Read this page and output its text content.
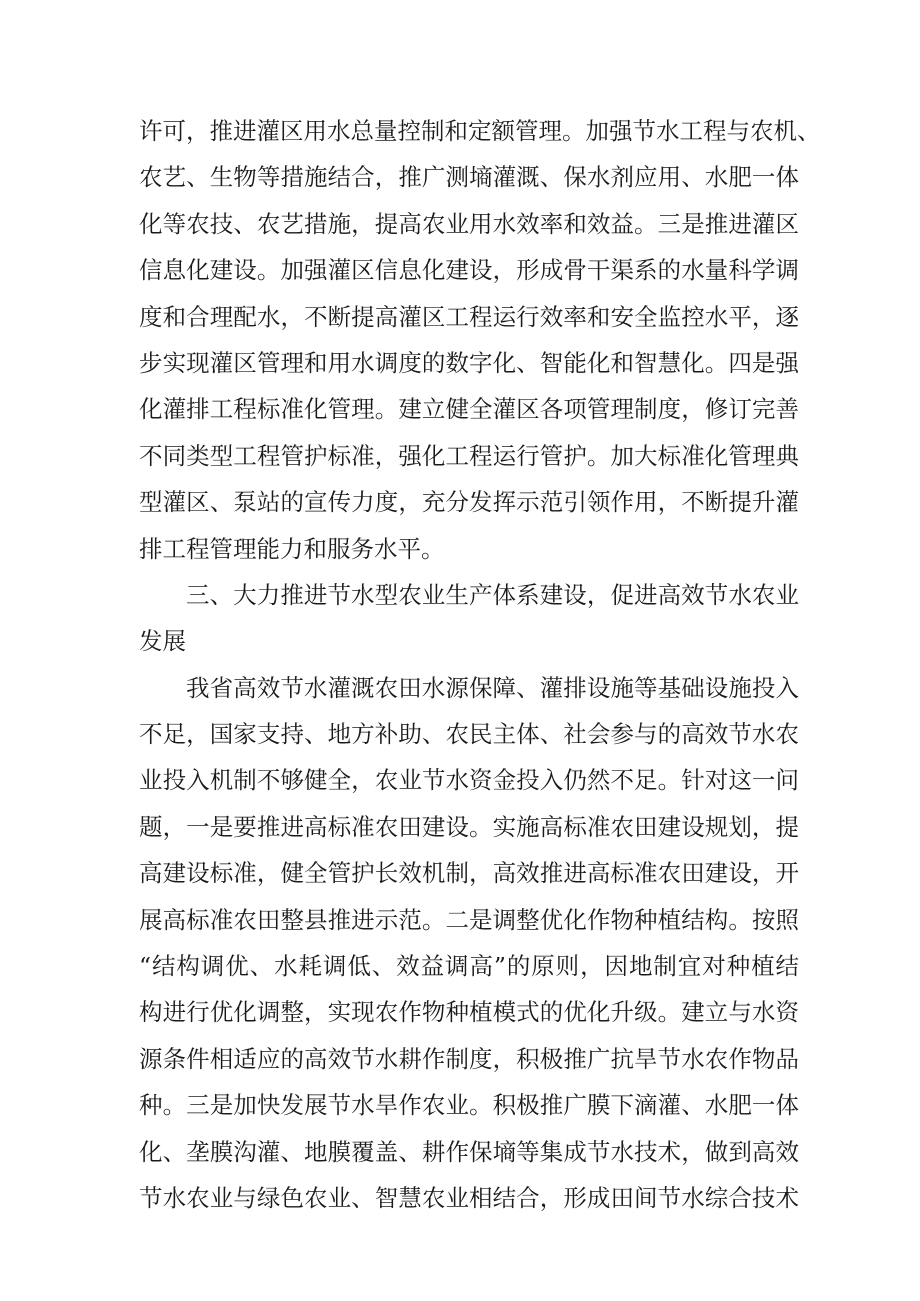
许可，推进灌区用水总量控制和定额管理。加强节水工程与农机、
农艺、生物等措施结合，推广测墒灌溉、保水剂应用、水肥一体
化等农技、农艺措施，提高农业用水效率和效益。三是推进灌区
信息化建设。加强灌区信息化建设，形成骨干渠系的水量科学调
度和合理配水，不断提高灌区工程运行效率和安全监控水平，逐
步实现灌区管理和用水调度的数字化、智能化和智慧化。四是强
化灌排工程标准化管理。建立健全灌区各项管理制度，修订完善
不同类型工程管护标准，强化工程运行管护。加大标准化管理典
型灌区、泵站的宣传力度，充分发挥示范引领作用，不断提升灌
排工程管理能力和服务水平。
三、大力推进节水型农业生产体系建设，促进高效节水农业
发展
我省高效节水灌溉农田水源保障、灌排设施等基础设施投入
不足，国家支持、地方补助、农民主体、社会参与的高效节水农
业投入机制不够健全，农业节水资金投入仍然不足。针对这一问
题，一是要推进高标准农田建设。实施高标准农田建设规划，提
高建设标准，健全管护长效机制，高效推进高标准农田建设，开
展高标准农田整县推进示范。二是调整优化作物种植结构。按照
“结构调优、水耗调低、效益调高”的原则，因地制宜对种植结
构进行优化调整，实现农作物种植模式的优化升级。建立与水资
源条件相适应的高效节水耕作制度，积极推广抗旱节水农作物品
种。三是加快发展节水旱作农业。积极推广膜下滴灌、水肥一体
化、垄膜沟灌、地膜覆盖、耕作保墒等集成节水技术，做到高效
节水农业与绿色农业、智慧农业相结合，形成田间节水综合技术
